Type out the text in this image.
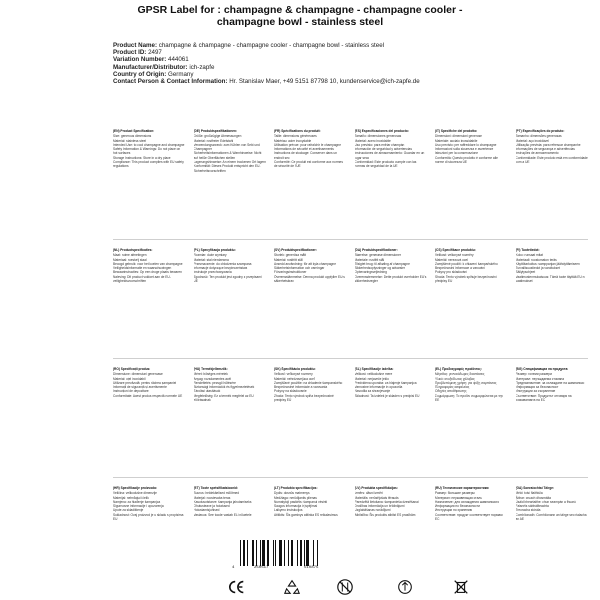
GPSR Label for : champagne & champagne - champagne cooler -
champagne bowl - stainless steel
Product Name: champagne & champagne - champagne cooler - champagne bowl - stainless steel
Product ID: 2497
Variation Number: 444061
Manufacturer/Distributor: ich-zapfe
Country of Origin: Germany
Contact Person & Contact Information: Hr. Stanislav Maer, +49 5151 87798 10, kundenservice@ich-zapfe.de
(EN) Product Specification:
Size: generous dimensions
Material: stainless steel
Intended Use: to cool champagne and champagne
Safety Information & Warnings: Do not place on hot surfaces
Storage Instructions: Store in a dry place
Compliance: This product complies with EU safety regulations
(DE) Produktspezifikationen:
Größe: großzügige Abmessungen
Material: rostfreier Edelstahl
Verwendungszweck: zum Kühlen von Sekt und Champagner
Sicherheitsinformationen & Warnhinweise: Nicht auf heiße Oberflächen stellen
Lagerungshinweise: An einem trockenen Ort lagern
Konformität: Dieses Produkt entspricht den EU-Sicherheitsvorschriften
(FR) Spécifications du produit:
Taille: dimensions généreuses
Matériau: acier inoxydable
Utilisation prévue: pour rafraîchir le champagne
Informations de sécurité et avertissements
Instructions de stockage: Conserver dans un endroit sec
Conformité: Ce produit est conforme aux normes de sécurité de l'UE
(ES) Especificaciones del producto:
Tamaño: dimensiones generosas
Material: acero inoxidable
Uso previsto: para enfriar champán
Información de seguridad y advertencias
Instrucciones de almacenamiento: Guardar en un lugar seco
Conformidad: Este producto cumple con las normas de seguridad de la UE
(IT) Specifiche del prodotto:
Dimensioni: dimensioni generose
Materiale: acciaio inossidabile
Uso previsto: per raffreddare lo champagne
Informazioni sulla sicurezza e avvertenze
Istruzioni per la conservazione
Conformità: Questo prodotto è conforme alle norme di sicurezza UE
(PT) Especificações do produto:
Tamanho: dimensões generosas
Material: aço inoxidável
Utilização prevista: para refrescar champanhe
Informações de segurança e advertências
Instruções de armazenamento
Conformidade: Este produto está em conformidade com a UE
(NL) Productspecificaties:
Maat: ruime afmetingen
Materiaal: roestvrij staal
Beoogd gebruik: voor het koelen van champagne
Veiligheidsinformatie en waarschuwingen
Bewaarinstructies: Op een droge plaats bewaren
Naleving: Dit product voldoet aan de EU-veiligheidsvoorschriften
(PL) Specyfikacja produktu:
Rozmiar: duże wymiary
Materiał: stal nierdzewna
Przeznaczenie: do chłodzenia szampana
Informacje dotyczące bezpieczeństwa
Instrukcje przechowywania
Zgodność: Ten produkt jest zgodny z przepisami UE
(SV) Produktspecifikationer:
Storlek: generösa mått
Material: rostfritt stål
Avsedd användning: för att kyla champagne
Säkerhetsinformation och varningar
Förvaringsinstruktioner
Överensstämmelse: Denna produkt uppfyller EU:s säkerhetskrav
(DA) Produktspecifikationer:
Størrelse: generøse dimensioner
Materiale: rustfrit stål
Tilsigtet brug: til afkøling af champagne
Sikkerhedsoplysninger og advarsler
Opbevaringsvejledning
Overensstemmelse: Dette produkt overholder EU's sikkerhedsregler
(CS) Specifikace produktu:
Velikost: velkorysé rozměry
Materiál: nerezová ocel
Zamýšlené použití: k chlazení šampaňského
Bezpečnostní informace a varování
Pokyny pro skladování
Shoda: Tento výrobek splňuje bezpečnostní předpisy EU
(FI) Tuotetiedot:
Koko: runsaat mitat
Materiaali: ruostumaton teräs
Käyttötarkoitus: samppanjan jäähdyttämiseen
Turvallisuustiedot ja varoitukset
Säilytysohjeet
Vaatimustenmukaisuus: Tämä tuote täyttää EU:n vaatimukset
(RO) Specificații produs:
Dimensiune: dimensiuni generoase
Material: oțel inoxidabil
Utilizare prevăzută: pentru răcirea șampaniei
Informații de siguranță și avertismente
Instrucțiuni de depozitare
Conformitate: Acest produs respectă normele UE
(HU) Termékjellemzők:
Méret: bőséges méretek
Anyag: rozsdamentes acél
Rendeltetés: pezsgő hűtésére
Biztonsági információk és figyelmeztetések
Tárolási utasítások
Megfelelőség: Ez a termék megfelel az EU előírásainak
(SK) Špecifikácia produktu:
Veľkosť: veľkorysé rozmery
Materiál: nehrdzavejúca oceľ
Zamýšľané použitie: na chladenie šampanského
Bezpečnostné informácie a varovania
Pokyny na skladovanie
Zhoda: Tento výrobok spĺňa bezpečnostné predpisy EÚ
(SL) Specifikacije izdelka:
Velikost: velikodušne mere
Material: nerjaveče jeklo
Predvidena uporaba: za hlajenje šampanjca
Varnostne informacije in opozorila
Navodila za shranjevanje
Skladnost: Ta izdelek je skladen s predpisi EU
(EL) Προδιαγραφές προϊόντος:
Μέγεθος: γενναιόδωρες διαστάσεις
Υλικό: ανοξείδωτος χάλυβας
Προβλεπόμενη χρήση: για ψύξη σαμπάνιας
Πληροφορίες ασφαλείας
Οδηγίες αποθήκευσης
Συμμόρφωση: Το προϊόν συμμορφώνεται με την ΕΕ
(BG) Спецификации на продукта:
Размер: големи размери
Материал: неръждаема стомана
Предназначение: за охлаждане на шампанско
Информация за безопасност
Инструкции за съхранение
Съответствие: Продуктът отговаря на изискванията на ЕС
(HR) Specifikacije proizvoda:
Veličina: velikodušne dimenzije
Materijal: nehrđajući čelik
Namjena: za hlađenje šampanjca
Sigurnosne informacije i upozorenja
Upute za skladištenje
Sukladnost: Ovaj proizvod je u skladu s propisima EU
(ET) Toote spetsifikatsioonid:
Suurus: heldekäelised mõõtmed
Materjal: roostevaba teras
Kasutusotstarve: šampanja jahutamiseks
Ohutusteave ja hoiatused
Hoiustamisjuhised
Vastavus: See toode vastab ELi nõuetele
(LT) Produkto specifikacijos:
Dydis: dosnūs matmenys
Medžiaga: nerūdijantis plienas
Numatytoji paskirtis: šampanui vėsinti
Saugos informacija ir įspėjimai
Laikymo instrukcijos
Atitiktis: Šis gaminys atitinka ES reikalavimus
(LV) Produkta specifikācijas:
Izmērs: dāsni izmēri
Materiāls: nerūsējošais tērauds
Paredzētā lietošana: šampanieša dzesēšanai
Drošības informācija un brīdinājumi
Uzglabāšanas norādījumi
Atbilstība: Šis produkts atbilst ES prasībām
(RU) Технические характеристики:
Размер: большие размеры
Материал: нержавеющая сталь
Назначение: для охлаждения шампанского
Информация по безопасности
Инструкции по хранению
Соответствие: продукт соответствует нормам ЕС
(GA) Sonraíochtaí Táirge:
Méid: toisí flaithiúla
Ábhar: cruach dhosmálta
Úsáid bheartaithe: chun seampán a fhuarú
Faisnéis sábháilteachta
Treoracha stórála
Comhlíonadh: Comhlíonann an táirge seo rialacha an AE
4	250517	510875
